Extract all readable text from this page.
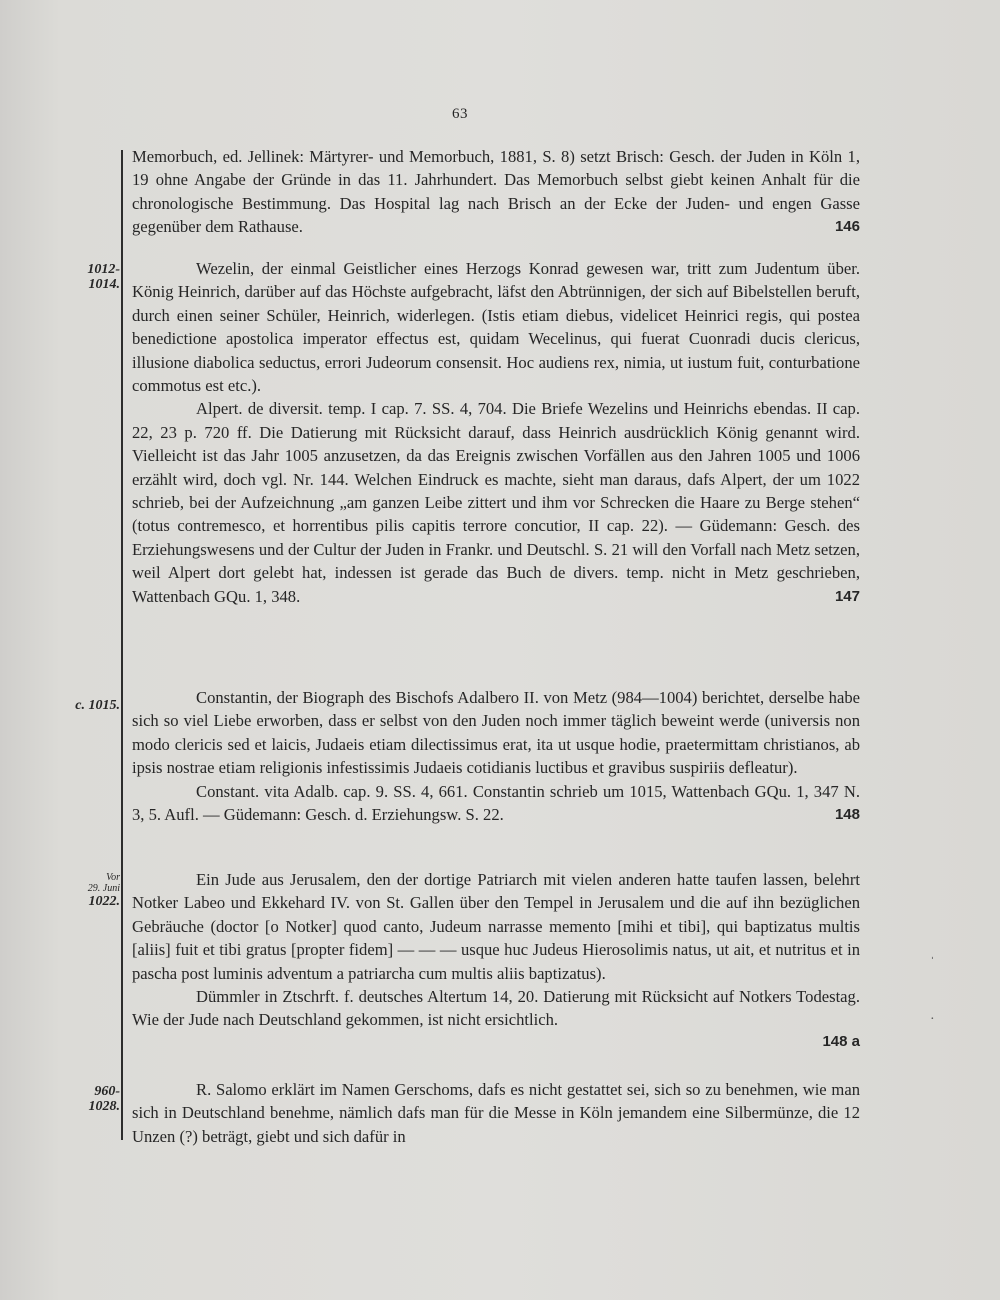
63
1012-
1014.
c. 1015.
Vor
29. Juni
1022.
960-
1028.

Memorbuch, ed. Jellinek: Märtyrer- und Memorbuch, 1881, S. 8) setzt Brisch: Gesch. der Juden in Köln 1, 19 ohne Angabe der Gründe in das 11. Jahrhundert. Das Memorbuch selbst giebt keinen Anhalt für die chronologische Bestimmung. Das Hospital lag nach Brisch an der Ecke der Juden- und engen Gasse gegenüber dem Rathause.	146

Wezelin, der einmal Geistlicher eines Herzogs Konrad gewesen war, tritt zum Judentum über. König Heinrich, darüber auf das Höchste aufgebracht, läfst den Abtrünnigen, der sich auf Bibelstellen beruft, durch einen seiner Schüler, Heinrich, widerlegen. (Istis etiam diebus, videlicet Heinrici regis, qui postea benedictione apostolica imperator effectus est, quidam Wecelinus, qui fuerat Cuonradi ducis clericus, illusione diabolica seductus, errori Judeorum consensit. Hoc audiens rex, nimia, ut iustum fuit, conturbatione commotus est etc.).

Alpert. de diversit. temp. I cap. 7. SS. 4, 704. Die Briefe Wezelins und Heinrichs ebendas. II cap. 22, 23 p. 720 ff. Die Datierung mit Rücksicht darauf, dass Heinrich ausdrücklich König genannt wird. Vielleicht ist das Jahr 1005 anzusetzen, da das Ereignis zwischen Vorfällen aus den Jahren 1005 und 1006 erzählt wird, doch vgl. Nr. 144. Welchen Eindruck es machte, sieht man daraus, dafs Alpert, der um 1022 schrieb, bei der Aufzeichnung „am ganzen Leibe zittert und ihm vor Schrecken die Haare zu Berge stehen“ (totus contremesco, et horrentibus pilis capitis terrore concutior, II cap. 22). — Güdemann: Gesch. des Erziehungswesens und der Cultur der Juden in Frankr. und Deutschl. S. 21 will den Vorfall nach Metz setzen, weil Alpert dort gelebt hat, indessen ist gerade das Buch de divers. temp. nicht in Metz geschrieben, Wattenbach GQu. 1, 348.	147

Constantin, der Biograph des Bischofs Adalbero II. von Metz (984—1004) berichtet, derselbe habe sich so viel Liebe erworben, dass er selbst von den Juden noch immer täglich beweint werde (universis non modo clericis sed et laicis, Judaeis etiam dilectissimus erat, ita ut usque hodie, praetermittam christianos, ab ipsis nostrae etiam religionis infestissimis Judaeis cotidianis luctibus et gravibus suspiriis defleatur).

Constant. vita Adalb. cap. 9. SS. 4, 661. Constantin schrieb um 1015, Wattenbach GQu. 1, 347 N. 3, 5. Aufl. — Güdemann: Gesch. d. Erziehungsw. S. 22.	148

Ein Jude aus Jerusalem, den der dortige Patriarch mit vielen anderen hatte taufen lassen, belehrt Notker Labeo und Ekkehard IV. von St. Gallen über den Tempel in Jerusalem und die auf ihn bezüglichen Gebräuche (doctor [o Notker] quod canto, Judeum narrasse memento [mihi et tibi], qui baptizatus multis [aliis] fuit et tibi gratus [propter fidem] — — — usque huc Judeus Hierosolimis natus, ut ait, et nutritus et in pascha post luminis adventum a patriarcha cum multis aliis baptizatus).

Dümmler in Ztschrft. f. deutsches Altertum 14, 20. Datierung mit Rücksicht auf Notkers Todestag. Wie der Jude nach Deutschland gekommen, ist nicht ersichtlich.

148 a

R. Salomo erklärt im Namen Gerschoms, dafs es nicht gestattet sei, sich so zu benehmen, wie man sich in Deutschland benehme, nämlich dafs man für die Messe in Köln jemandem eine Silbermünze, die 12 Unzen (?) beträgt, giebt und sich dafür in

ˌ
·
